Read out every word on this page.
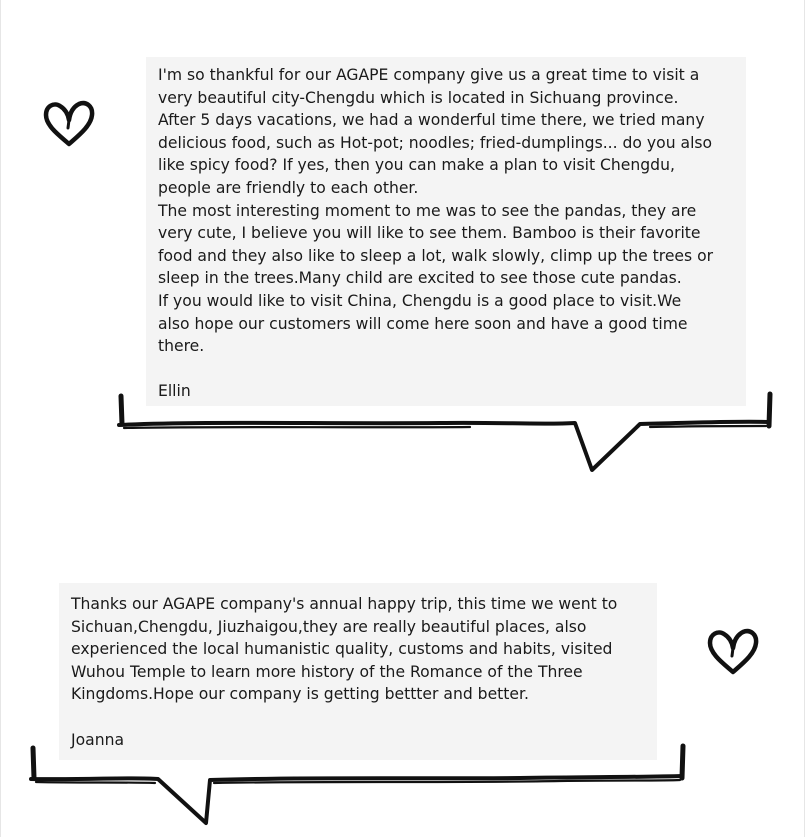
I'm so thankful for our AGAPE company give us a great time to visit a

very beautiful city-Chengdu which is located in Sichuang province.

After 5 days vacations, we had a wonderful time there, we tried many

delicious food, such as Hot-pot; noodles; fried-dumplings... do you also

like spicy food? If yes, then you can make a plan to visit Chengdu,

people are friendly to each other.

The most interesting moment to me was to see the pandas, they are

very cute, I believe you will like to see them. Bamboo is their favorite

food and they also like to sleep a lot, walk slowly, climp up the trees or

sleep in the trees.Many child are excited to see those cute pandas.

If you would like to visit China, Chengdu is a good place to visit.We

also hope our customers will come here soon and have a good time

there.

Ellin

Thanks our AGAPE company's annual happy trip, this time we went to

Sichuan,Chengdu, Jiuzhaigou,they are really beautiful places, also

experienced the local humanistic quality, customs and habits, visited

Wuhou Temple to learn more history of the Romance of the Three

Kingdoms.Hope our company is getting bettter and better.

Joanna
